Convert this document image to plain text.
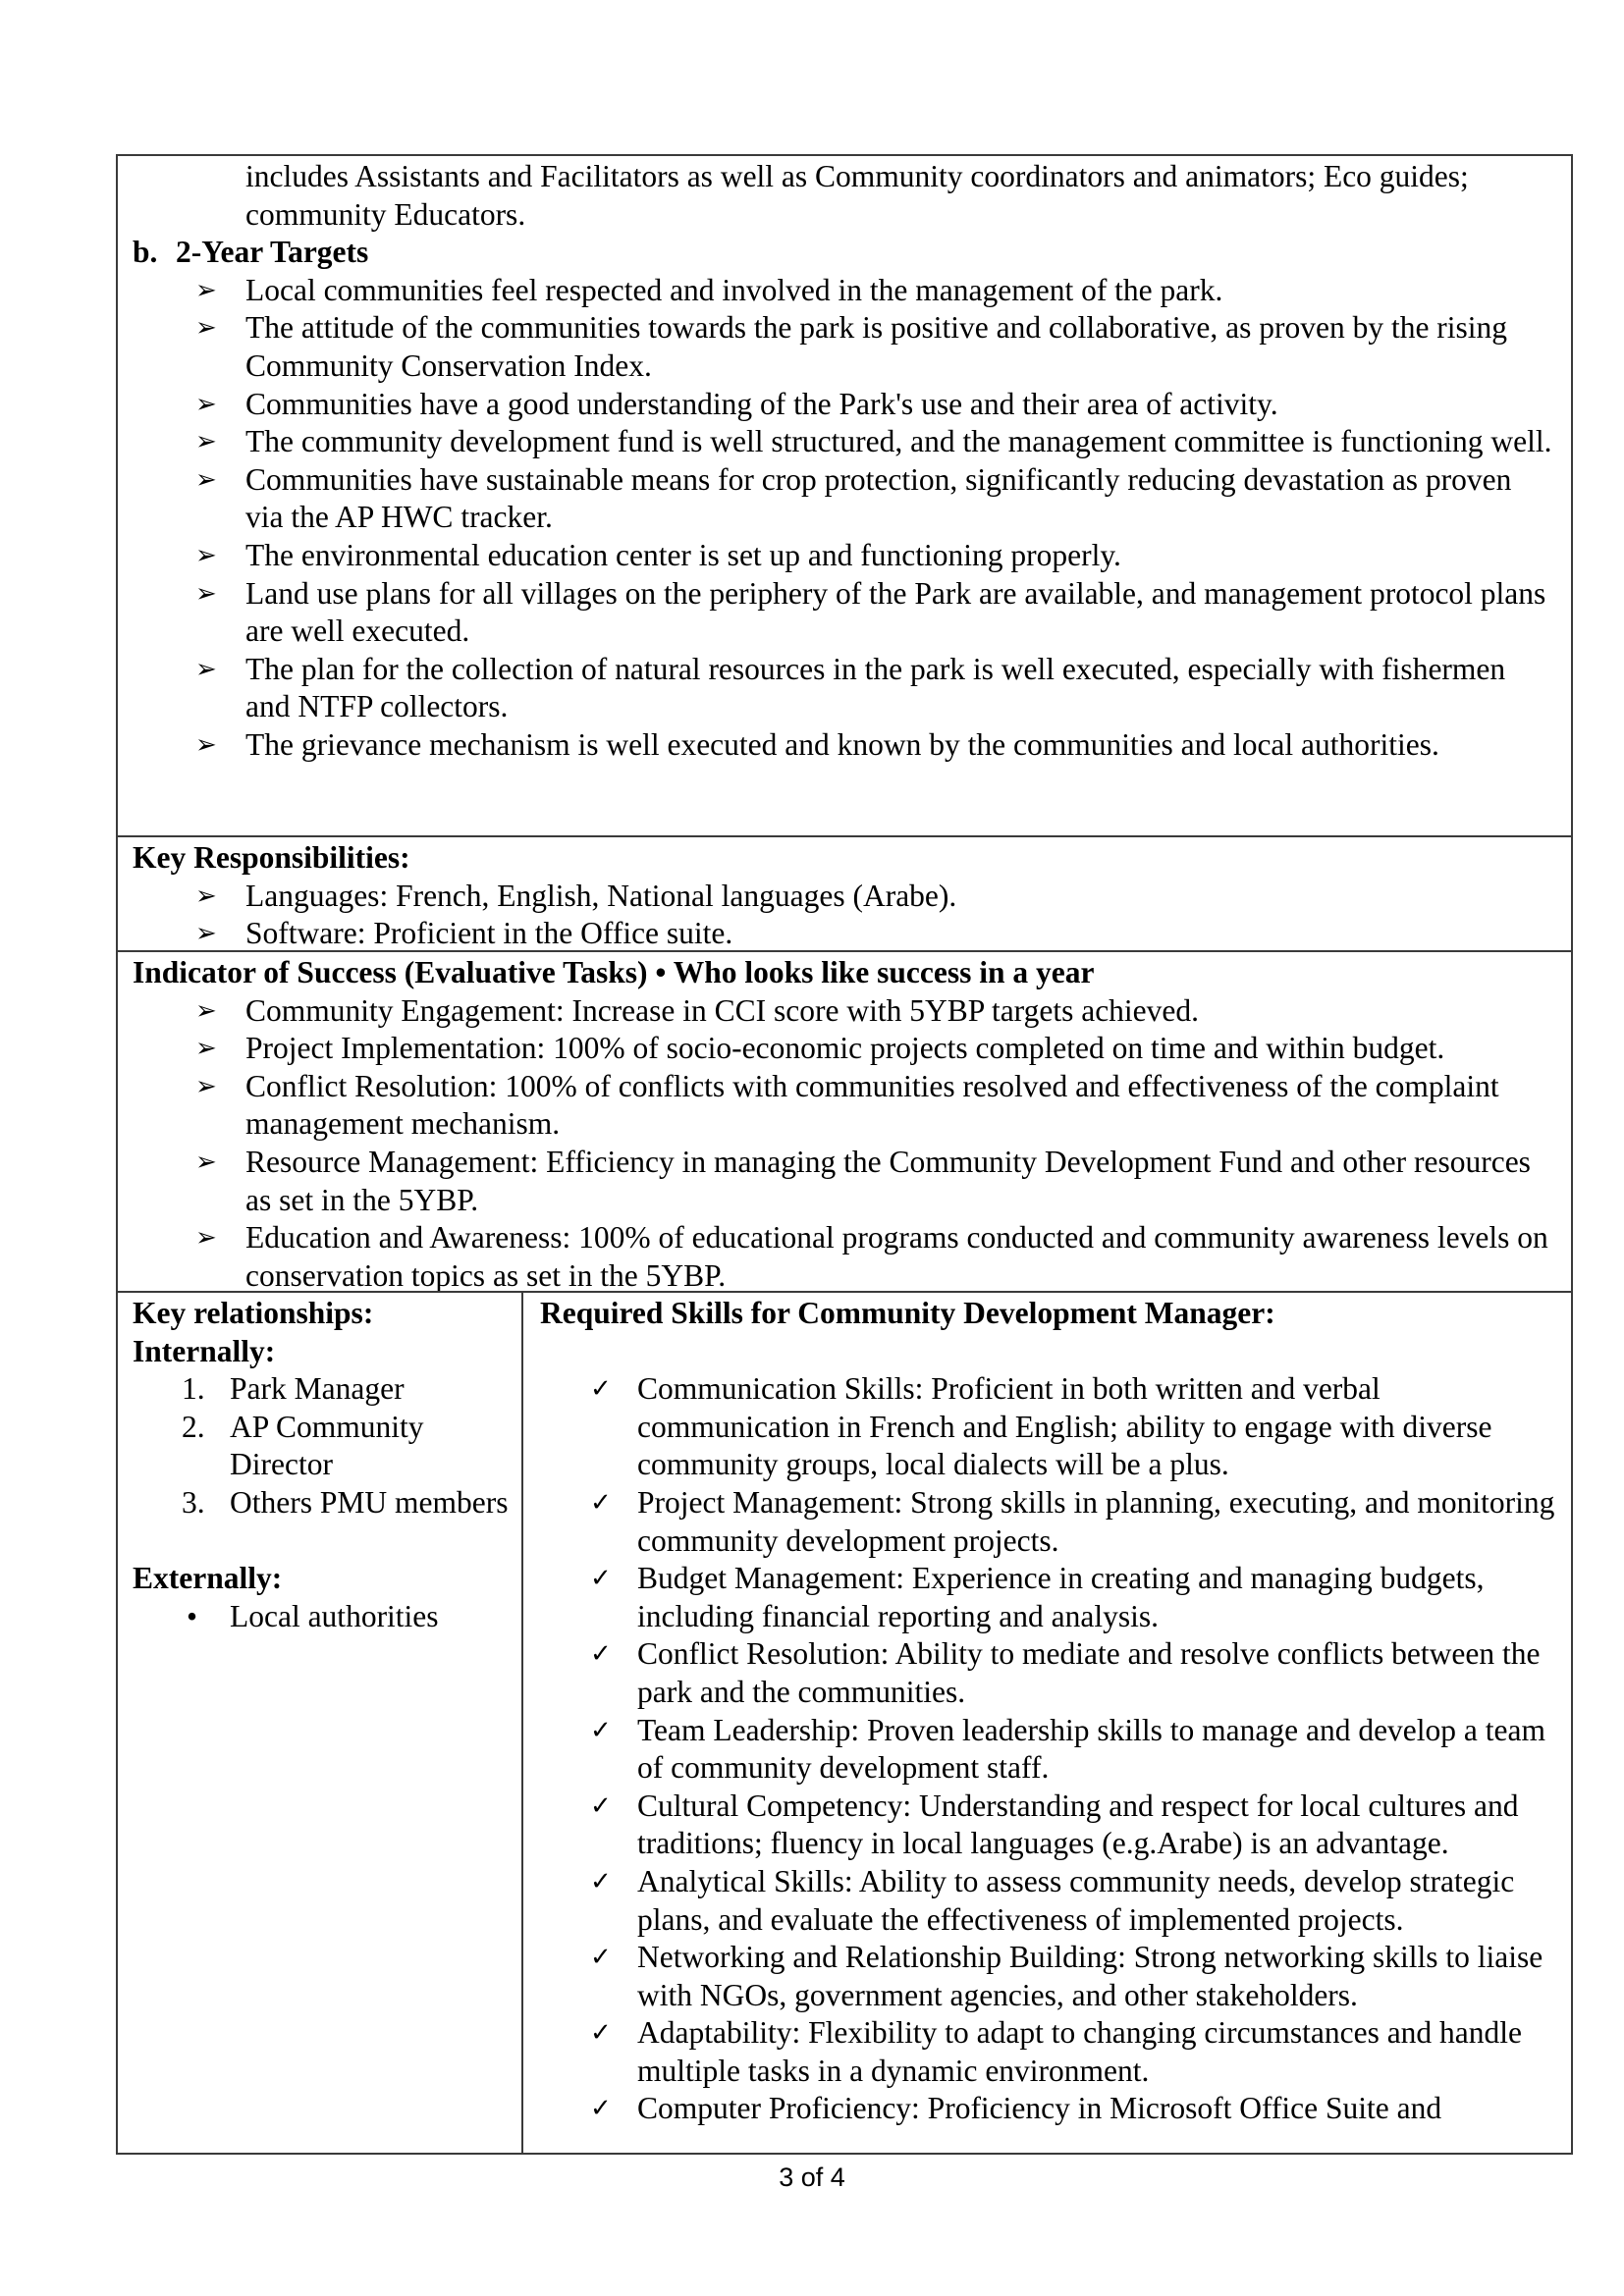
includes Assistants and Facilitators as well as Community coordinators and animators; Eco guides; community Educators.
b. 2-Year Targets
➢ Local communities feel respected and involved in the management of the park.
➢ The attitude of the communities towards the park is positive and collaborative, as proven by the rising Community Conservation Index.
➢ Communities have a good understanding of the Park's use and their area of activity.
➢ The community development fund is well structured, and the management committee is functioning well.
➢ Communities have sustainable means for crop protection, significantly reducing devastation as proven via the AP HWC tracker.
➢ The environmental education center is set up and functioning properly.
➢ Land use plans for all villages on the periphery of the Park are available, and management protocol plans are well executed.
➢ The plan for the collection of natural resources in the park is well executed, especially with fishermen and NTFP collectors.
➢ The grievance mechanism is well executed and known by the communities and local authorities.
Key Responsibilities:
➢ Languages: French, English, National languages (Arabe).
➢ Software: Proficient in the Office suite.
Indicator of Success (Evaluative Tasks) • Who looks like success in a year
➢ Community Engagement: Increase in CCI score with 5YBP targets achieved.
➢ Project Implementation: 100% of socio-economic projects completed on time and within budget.
➢ Conflict Resolution: 100% of conflicts with communities resolved and effectiveness of the complaint management mechanism.
➢ Resource Management: Efficiency in managing the Community Development Fund and other resources as set in the 5YBP.
➢ Education and Awareness: 100% of educational programs conducted and community awareness levels on conservation topics as set in the 5YBP.
Key relationships:
Internally:
1. Park Manager
2. AP Community Director
3. Others PMU members
Externally:
• Local authorities
Required Skills for Community Development Manager:
✓ Communication Skills: Proficient in both written and verbal communication in French and English; ability to engage with diverse community groups, local dialects will be a plus.
✓ Project Management: Strong skills in planning, executing, and monitoring community development projects.
✓ Budget Management: Experience in creating and managing budgets, including financial reporting and analysis.
✓ Conflict Resolution: Ability to mediate and resolve conflicts between the park and the communities.
✓ Team Leadership: Proven leadership skills to manage and develop a team of community development staff.
✓ Cultural Competency: Understanding and respect for local cultures and traditions; fluency in local languages (e.g.Arabe) is an advantage.
✓ Analytical Skills: Ability to assess community needs, develop strategic plans, and evaluate the effectiveness of implemented projects.
✓ Networking and Relationship Building: Strong networking skills to liaise with NGOs, government agencies, and other stakeholders.
✓ Adaptability: Flexibility to adapt to changing circumstances and handle multiple tasks in a dynamic environment.
✓ Computer Proficiency: Proficiency in Microsoft Office Suite and
3 of 4
